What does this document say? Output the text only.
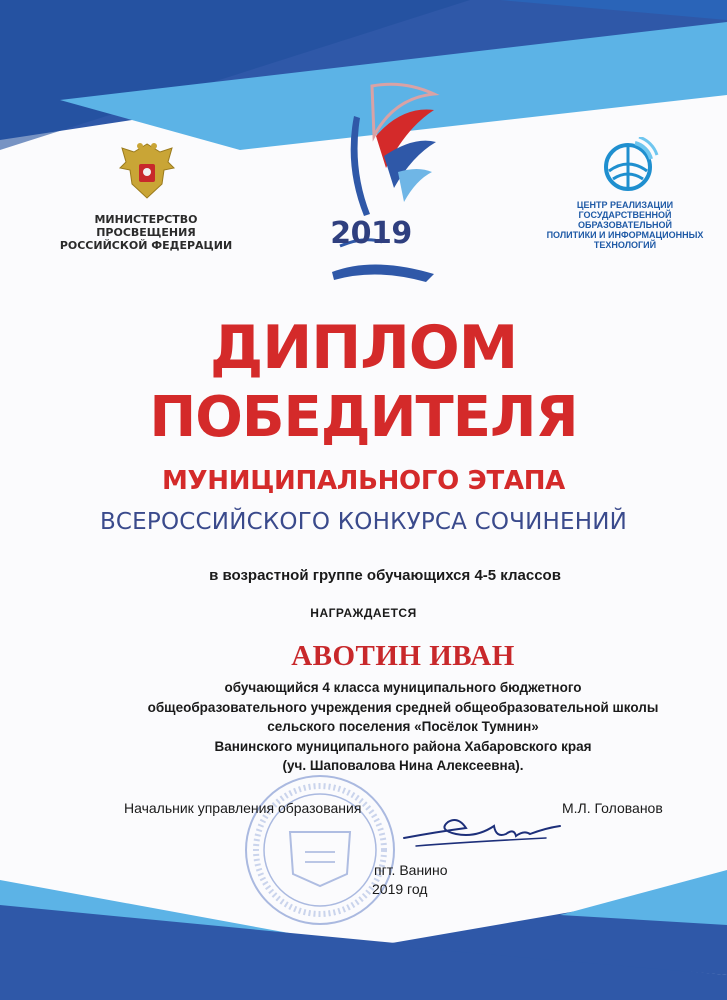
МИНИСТЕРСТВО ПРОСВЕЩЕНИЯ
РОССИЙСКОЙ ФЕДЕРАЦИИ
ЦЕНТР РЕАЛИЗАЦИИ
ГОСУДАРСТВЕННОЙ ОБРАЗОВАТЕЛЬНОЙ
ПОЛИТИКИ И ИНФОРМАЦИОННЫХ
ТЕХНОЛОГИЙ
2019
ДИПЛОМ
ПОБЕДИТЕЛЯ
МУНИЦИПАЛЬНОГО ЭТАПА
ВСЕРОССИЙСКОГО КОНКУРСА СОЧИНЕНИЙ
в возрастной группе обучающихся 4-5 классов
НАГРАЖДАЕТСЯ
АВОТИН ИВАН
обучающийся 4 класса муниципального бюджетного
общеобразовательного учреждения средней общеобразовательной школы
сельского поселения «Посёлок Тумнин»
Ванинского муниципального района Хабаровского края
(уч. Шаповалова Нина Алексеевна).
Начальник управления образования	М.Л. Голованов
пгт. Ванино
2019 год
